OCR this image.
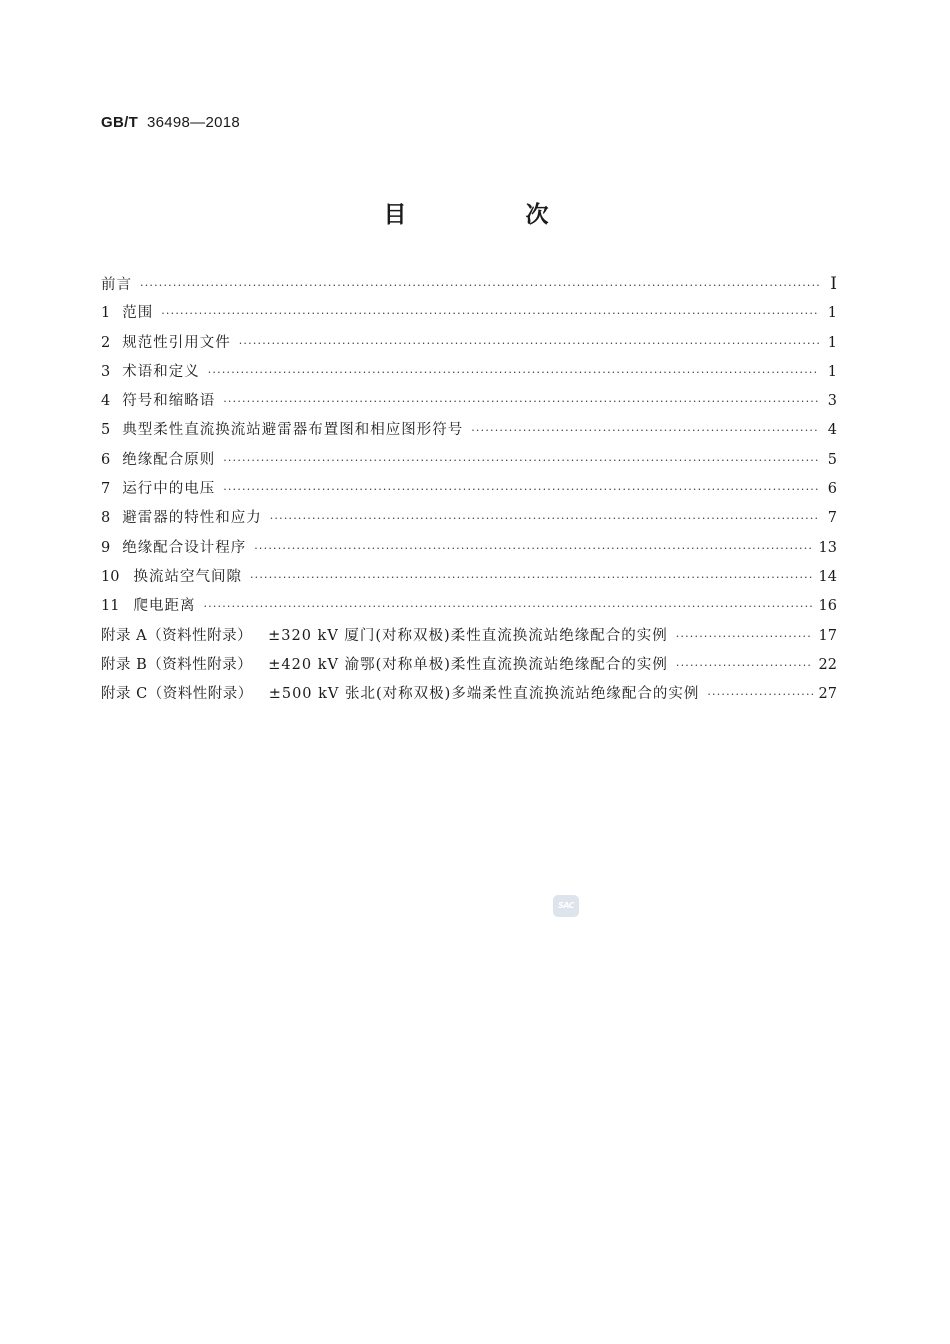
GB/T 36498—2018
目　次
前言 ·····	Ⅰ
1 范围 ·····	1
2 规范性引用文件 ·····	1
3 术语和定义 ·····	1
4 符号和缩略语 ·····	3
5 典型柔性直流换流站避雷器布置图和相应图形符号 ·····	4
6 绝缘配合原则 ·····	5
7 运行中的电压 ·····	6
8 避雷器的特性和应力 ·····	7
9 绝缘配合设计程序 ·····	13
10 换流站空气间隙 ·····	14
11 爬电距离 ·····	16
附录 A（资料性附录） ±320 kV 厦门(对称双极)柔性直流换流站绝缘配合的实例 ·····	17
附录 B（资料性附录） ±420 kV 渝鄂(对称单极)柔性直流换流站绝缘配合的实例 ·····	22
附录 C（资料性附录） ±500 kV 张北(对称双极)多端柔性直流换流站绝缘配合的实例 ·····	27
SAC
